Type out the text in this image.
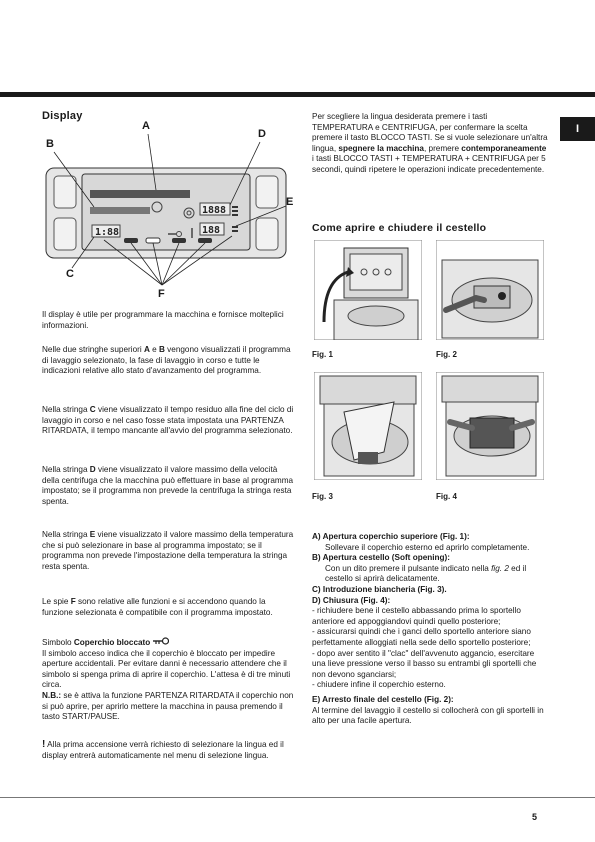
I
Display
1:88
1888
188
A
B
D
E
C
F

Il display è utile per programmare la macchina e fornisce molteplici informazioni.

Nelle due stringhe superiori A e B vengono visualizzati il programma di lavaggio selezionato, la fase di lavaggio in corso e tutte le indicazioni relative allo stato d'avanzamento del programma.

Nella stringa C viene visualizzato il tempo residuo alla fine del ciclo di lavaggio in corso e nel caso fosse stata impostata una PARTENZA RITARDATA, il tempo mancante all'avvio del programma selezionato.

Nella stringa D viene visualizzato il valore massimo della velocità della centrifuga che la macchina può effettuare in base al programma impostato; se il programma non prevede la centrifuga la stringa resta spenta.

Nella stringa E viene visualizzato il valore massimo della temperatura che si può selezionare in base al programma impostato; se il programma non prevede l'impostazione della temperatura la stringa resta spenta.

Le spie F sono relative alle funzioni e si accendono quando la funzione selezionata è compatibile con il programma impostato.

Simbolo Coperchio bloccato
Il simbolo acceso indica che il coperchio è bloccato per impedire aperture accidentali. Per evitare danni è necessario attendere che il simbolo si spenga prima di aprire il coperchio. L'attesa è di tre minuti circa.
N.B.: se è attiva la funzione PARTENZA RITARDATA il coperchio non si può aprire, per aprirlo mettere la macchina in pausa premendo il tasto START/PAUSE.

! Alla prima accensione verrà richiesto di selezionare la lingua ed il display entrerà automaticamente nel menu di selezione lingua.

Per scegliere la lingua desiderata premere i tasti TEMPERATURA e CENTRIFUGA, per confermare la scelta premere il tasto BLOCCO TASTI. Se si vuole selezionare un'altra lingua, spegnere la macchina, premere contemporaneamente i tasti BLOCCO TASTI + TEMPERATURA + CENTRIFUGA per 5 secondi, quindi ripetere le operazioni indicate precedentemente.

Come aprire e chiudere il cestello
Fig. 1	Fig. 2
Fig. 3	Fig. 4
A) Apertura coperchio superiore (Fig. 1):
Sollevare il coperchio esterno ed aprirlo completamente.
B) Apertura cestello (Soft opening):
Con un dito premere il pulsante indicato nella fig. 2 ed il cestello si aprirà delicatamente.
C) Introduzione biancheria (Fig. 3).
D) Chiusura (Fig. 4):
- richiudere bene il cestello abbassando prima lo sportello anteriore ed appoggiandovi quindi quello posteriore;
- assicurarsi quindi che i ganci dello sportello anteriore siano perfettamente alloggiati nella sede dello sportello posteriore;
- dopo aver sentito il "clac" dell'avvenuto aggancio, esercitare una lieve pressione verso il basso su entrambi gli sportelli che non devono sganciarsi;
- chiudere infine il coperchio esterno.
E) Arresto finale del cestello (Fig. 2):
Al termine del lavaggio il cestello si collocherà con gli sportelli in alto per una facile apertura.
5
